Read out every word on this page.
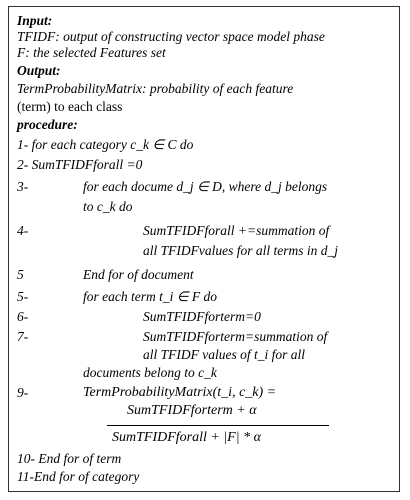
Input:
TFIDF: output of constructing vector space model phase
F: the selected Features set
Output:
TermProbabilityMatrix: probability of each feature
(term) to each class
procedure:
1- for each category c_k ∈ C do
2- SumTFIDFforall =0
3-	for each docume d_j ∈ D, where d_j belongs
to c_k do
4-	SumTFIDFforall +=summation of
all TFIDFvalues for all terms in d_j
5	End for of document
5-	for each term t_i ∈ F do
6-	SumTFIDFforterm=0
7-	SumTFIDFforterm=summation of
all TFIDF values of t_i for all
documents belong to c_k
9-	TermProbabilityMatrix(t_i, c_k) =
SumTFIDFforterm + α
SumTFIDFforall + |F| * α
10- End for of term
11-End for of category
